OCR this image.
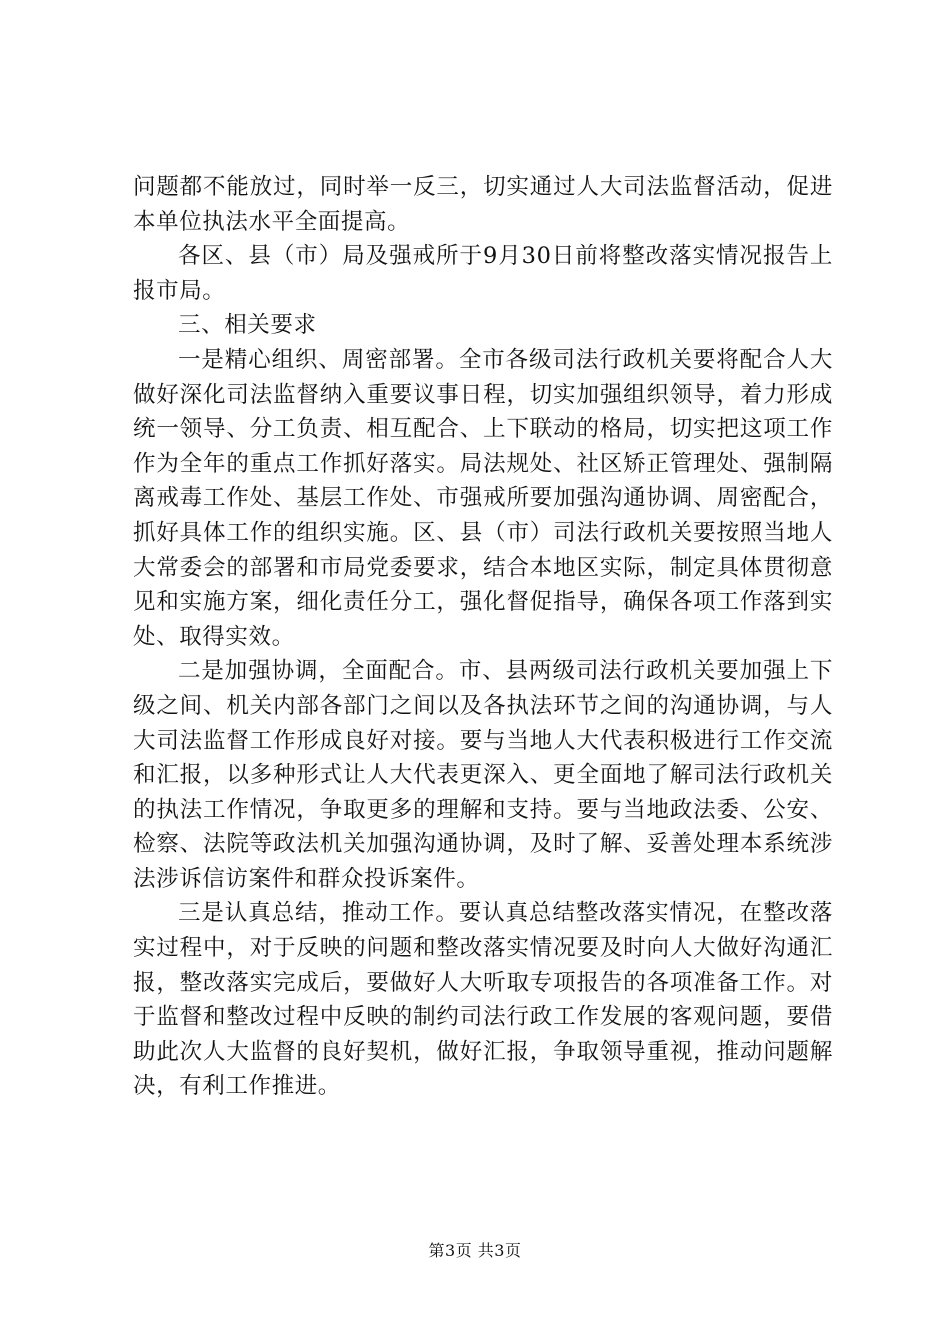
问题都不能放过，同时举一反三，切实通过人大司法监督活动，促进本单位执法水平全面提高。

各区、县（市）局及强戒所于9月30日前将整改落实情况报告上报市局。

三、相关要求

一是精心组织、周密部署。全市各级司法行政机关要将配合人大做好深化司法监督纳入重要议事日程，切实加强组织领导，着力形成统一领导、分工负责、相互配合、上下联动的格局，切实把这项工作作为全年的重点工作抓好落实。局法规处、社区矫正管理处、强制隔离戒毒工作处、基层工作处、市强戒所要加强沟通协调、周密配合，抓好具体工作的组织实施。区、县（市）司法行政机关要按照当地人大常委会的部署和市局党委要求，结合本地区实际，制定具体贯彻意见和实施方案，细化责任分工，强化督促指导，确保各项工作落到实处、取得实效。

二是加强协调，全面配合。市、县两级司法行政机关要加强上下级之间、机关内部各部门之间以及各执法环节之间的沟通协调，与人大司法监督工作形成良好对接。要与当地人大代表积极进行工作交流和汇报，以多种形式让人大代表更深入、更全面地了解司法行政机关的执法工作情况，争取更多的理解和支持。要与当地政法委、公安、检察、法院等政法机关加强沟通协调，及时了解、妥善处理本系统涉法涉诉信访案件和群众投诉案件。

三是认真总结，推动工作。要认真总结整改落实情况，在整改落实过程中，对于反映的问题和整改落实情况要及时向人大做好沟通汇报，整改落实完成后，要做好人大听取专项报告的各项准备工作。对于监督和整改过程中反映的制约司法行政工作发展的客观问题，要借助此次人大监督的良好契机，做好汇报，争取领导重视，推动问题解决，有利工作推进。

第3页 共3页
